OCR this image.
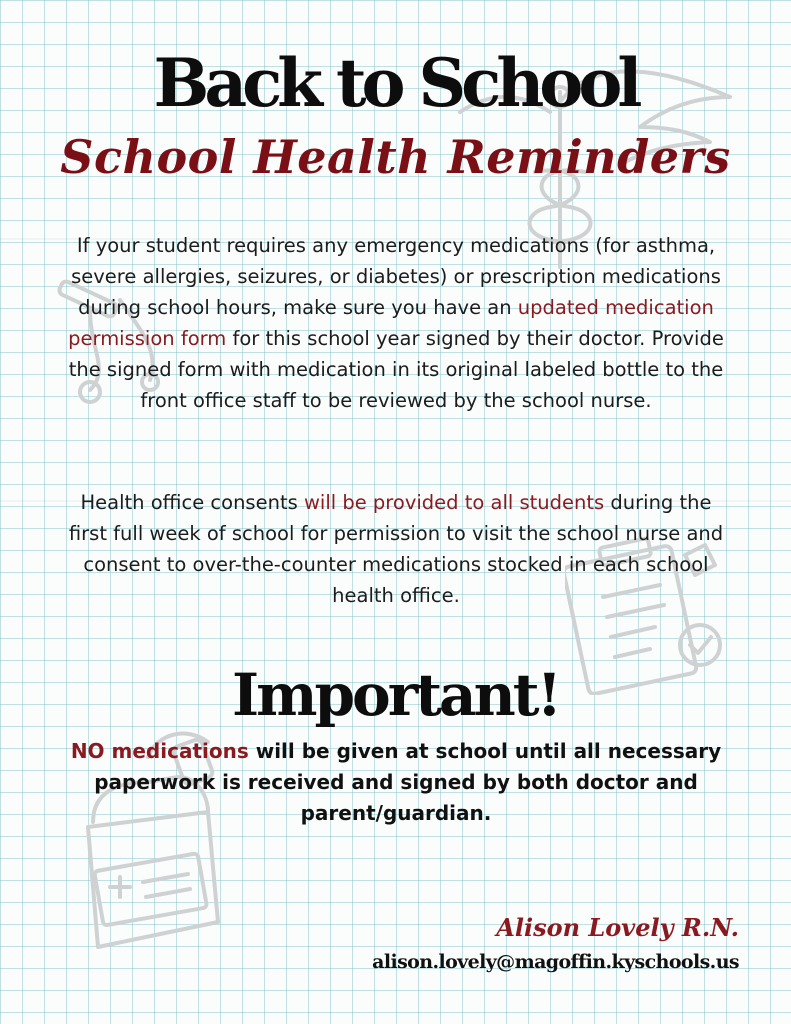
Back to School
School Health Reminders
If your student requires any emergency medications (for asthma, severe allergies, seizures, or diabetes) or prescription medications during school hours, make sure you have an updated medication permission form for this school year signed by their doctor. Provide the signed form with medication in its original labeled bottle to the front office staff to be reviewed by the school nurse.
Health office consents will be provided to all students during the first full week of school for permission to visit the school nurse and consent to over-the-counter medications stocked in each school health office.
Important!
NO medications will be given at school until all necessary paperwork is received and signed by both doctor and parent/guardian.
Alison Lovely R.N.
alison.lovely@magoffin.kyschools.us
